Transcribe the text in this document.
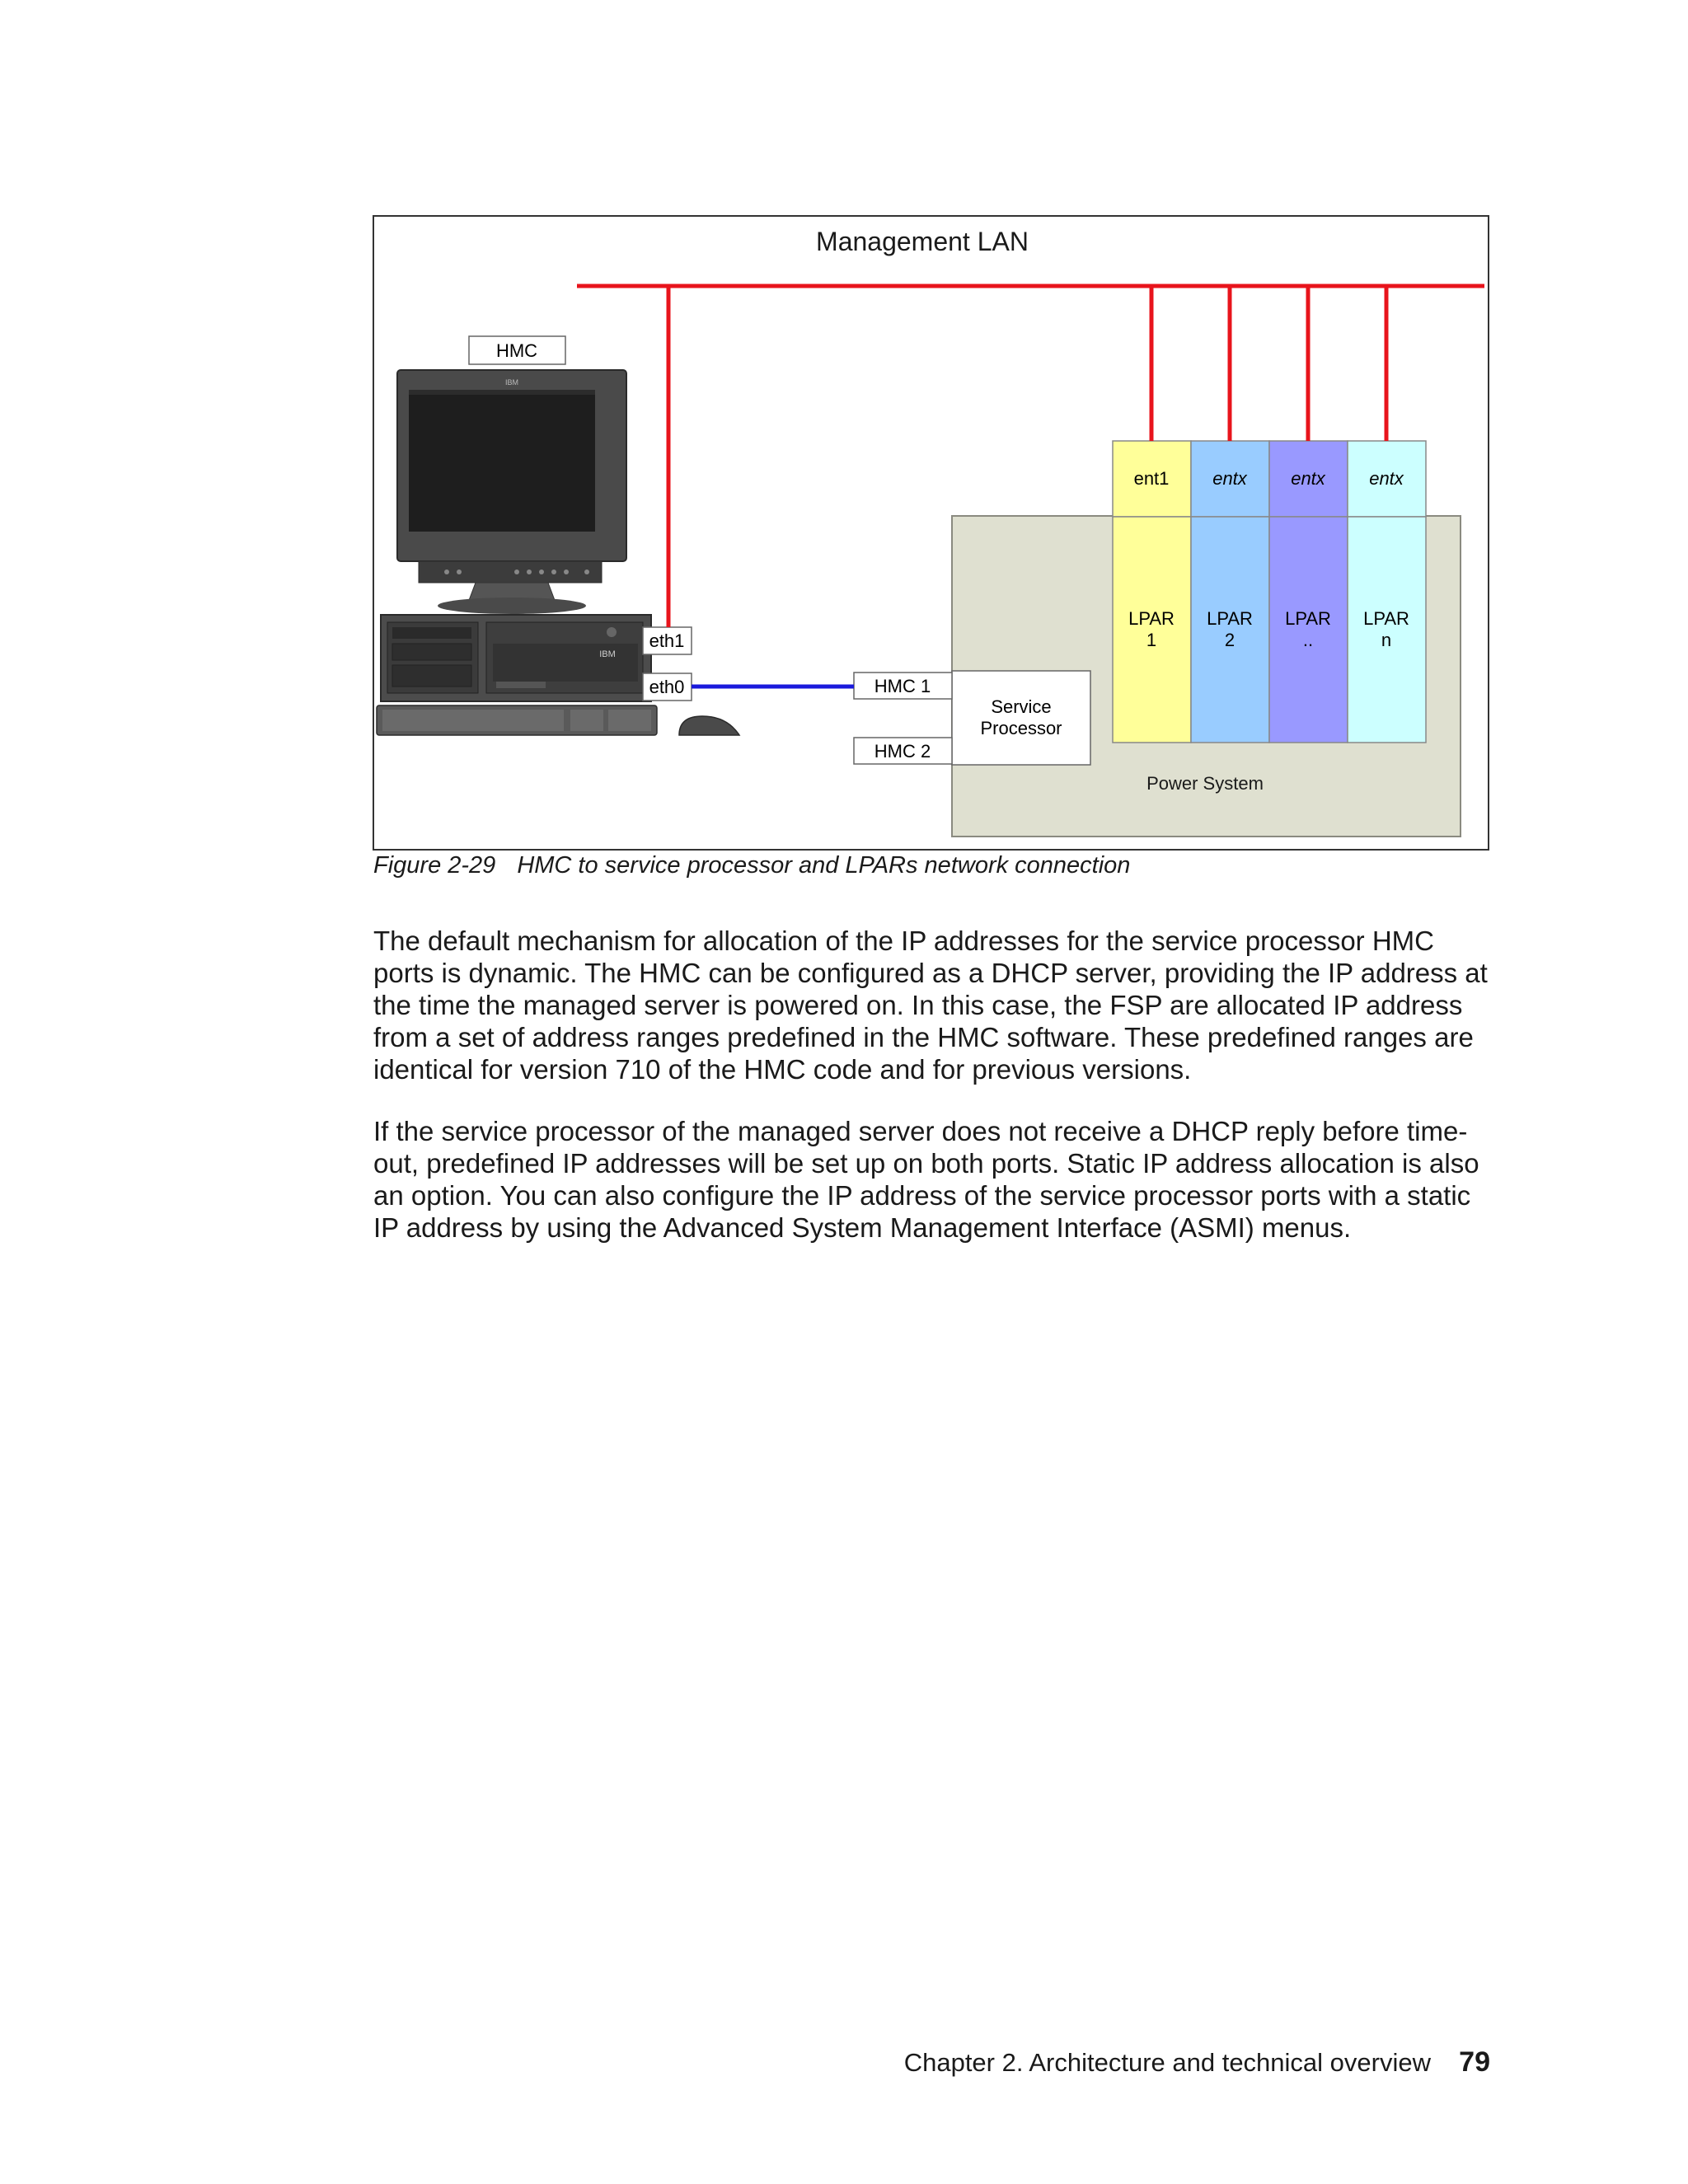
Management LAN
Power System
ent1
LPAR
1
entx
LPAR
2
entx
LPAR
..
entx
LPAR
n
Service
Processor
HMC 1
HMC 2
HMC
IBM
IBM
eth1
eth0
Figure 2-29 HMC to service processor and LPARs network connection

The default mechanism for allocation of the IP addresses for the service processor HMC ports is dynamic. The HMC can be configured as a DHCP server, providing the IP address at the time the managed server is powered on. In this case, the FSP are allocated IP address from a set of address ranges predefined in the HMC software. These predefined ranges are identical for version 710 of the HMC code and for previous versions.

If the service processor of the managed server does not receive a DHCP reply before time-out, predefined IP addresses will be set up on both ports. Static IP address allocation is also an option. You can also configure the IP address of the service processor ports with a static IP address by using the Advanced System Management Interface (ASMI) menus.

Chapter 2. Architecture and technical overview 79
